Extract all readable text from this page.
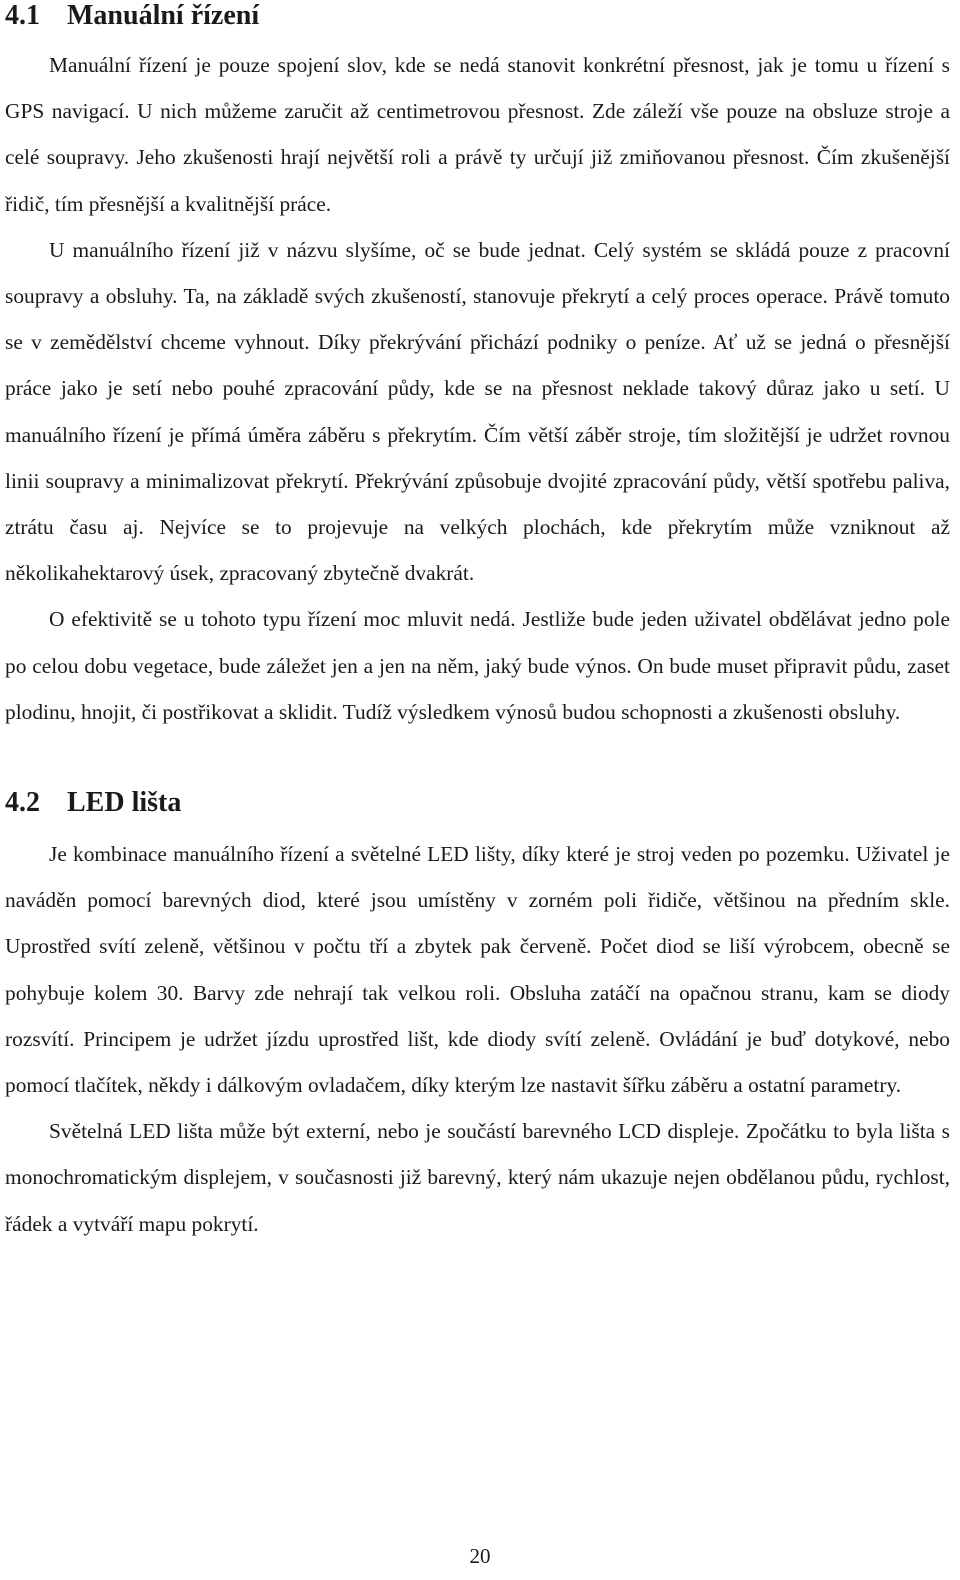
4.1 Manuální řízení

Manuální řízení je pouze spojení slov, kde se nedá stanovit konkrétní přesnost, jak je tomu u řízení s GPS navigací. U nich můžeme zaručit až centimetrovou přesnost. Zde záleží vše pouze na obsluze stroje a celé soupravy. Jeho zkušenosti hrají největší roli a právě ty určují již zmiňovanou přesnost. Čím zkušenější řidič, tím přesnější a kvalitnější práce.

U manuálního řízení již v názvu slyšíme, oč se bude jednat. Celý systém se skládá pouze z pracovní soupravy a obsluhy. Ta, na základě svých zkušeností, stanovuje překrytí a celý proces operace. Právě tomuto se v zemědělství chceme vyhnout. Díky překrývání přichází podniky o peníze. Ať už se jedná o přesnější práce jako je setí nebo pouhé zpracování půdy, kde se na přesnost neklade takový důraz jako u setí. U manuálního řízení je přímá úměra záběru s překrytím. Čím větší záběr stroje, tím složitější je udržet rovnou linii soupravy a minimalizovat překrytí. Překrývání způsobuje dvojité zpracování půdy, větší spotřebu paliva, ztrátu času aj. Nejvíce se to projevuje na velkých plochách, kde překrytím může vzniknout až několikahektarový úsek, zpracovaný zbytečně dvakrát.

O efektivitě se u tohoto typu řízení moc mluvit nedá. Jestliže bude jeden uživatel obdělávat jedno pole po celou dobu vegetace, bude záležet jen a jen na něm, jaký bude výnos. On bude muset připravit půdu, zaset plodinu, hnojit, či postřikovat a sklidit. Tudíž výsledkem výnosů budou schopnosti a zkušenosti obsluhy.

4.2 LED lišta

Je kombinace manuálního řízení a světelné LED lišty, díky které je stroj veden po pozemku. Uživatel je naváděn pomocí barevných diod, které jsou umístěny v zorném poli řidiče, většinou na předním skle. Uprostřed svítí zeleně, většinou v počtu tří a zbytek pak červeně. Počet diod se liší výrobcem, obecně se pohybuje kolem 30. Barvy zde nehrají tak velkou roli. Obsluha zatáčí na opačnou stranu, kam se diody rozsvítí. Principem je udržet jízdu uprostřed lišt, kde diody svítí zeleně. Ovládání je buď dotykové, nebo pomocí tlačítek, někdy i dálkovým ovladačem, díky kterým lze nastavit šířku záběru a ostatní parametry.

Světelná LED lišta může být externí, nebo je součástí barevného LCD displeje. Zpočátku to byla lišta s monochromatickým displejem, v současnosti již barevný, který nám ukazuje nejen obdělanou půdu, rychlost, řádek a vytváří mapu pokrytí.

20
